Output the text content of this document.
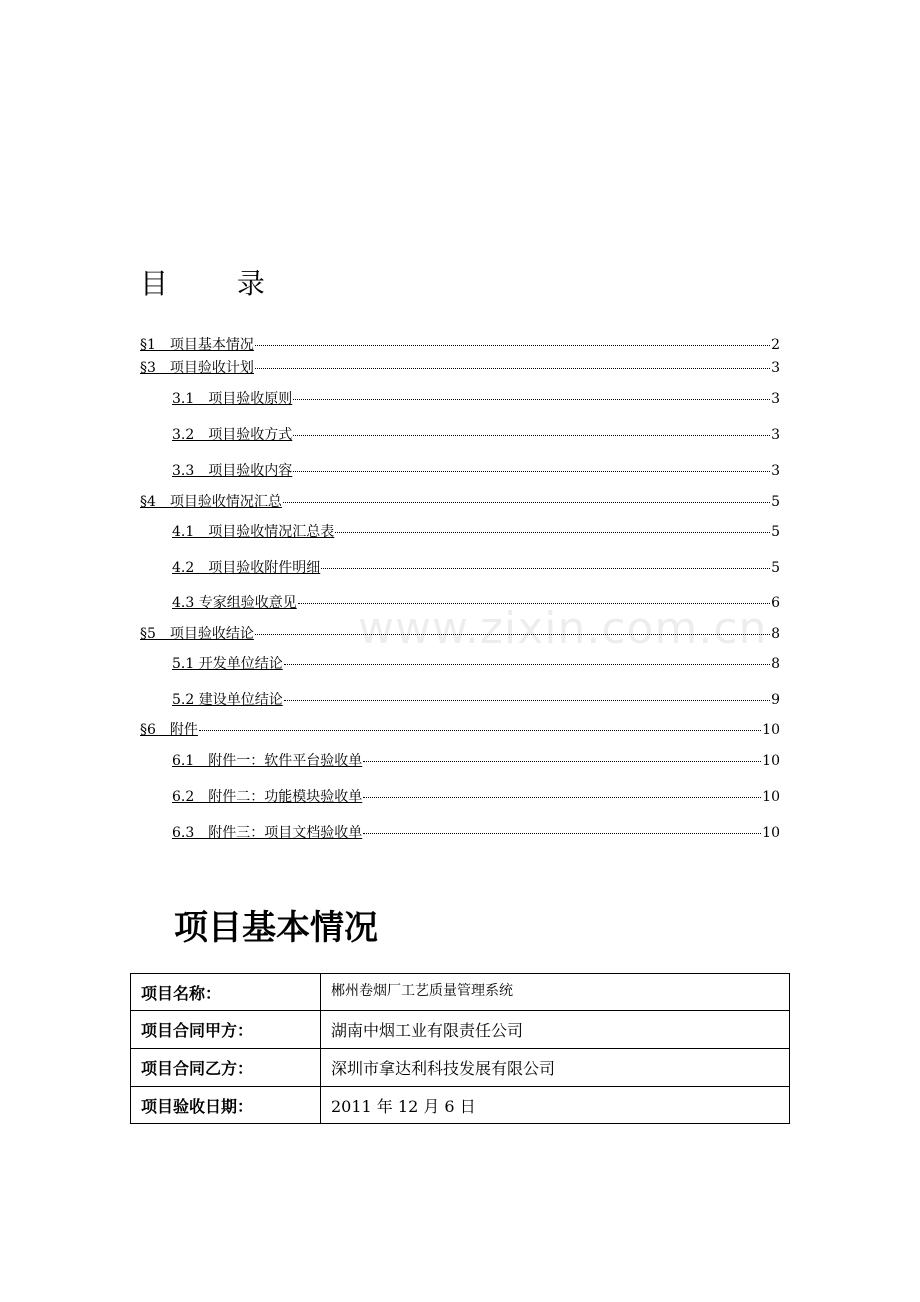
目 录
§1　项目基本情况	2
§3　项目验收计划	3
3.1　项目验收原则	3
3.2　项目验收方式	3
3.3　项目验收内容	3
§4　项目验收情况汇总	5
4.1　项目验收情况汇总表	5
4.2　项目验收附件明细	5
4.3 专家组验收意见	6
§5　项目验收结论	8
5.1 开发单位结论	8
5.2 建设单位结论	9
§6　附件	10
6.1　附件一：软件平台验收单	10
6.2　附件二：功能模块验收单	10
6.3　附件三：项目文档验收单	10
www.zixin.com.cn
项目基本情况
项目名称：	郴州卷烟厂工艺质量管理系统
项目合同甲方：	湖南中烟工业有限责任公司
项目合同乙方：	深圳市拿达利科技发展有限公司
项目验收日期：	2011 年 12 月 6 日
